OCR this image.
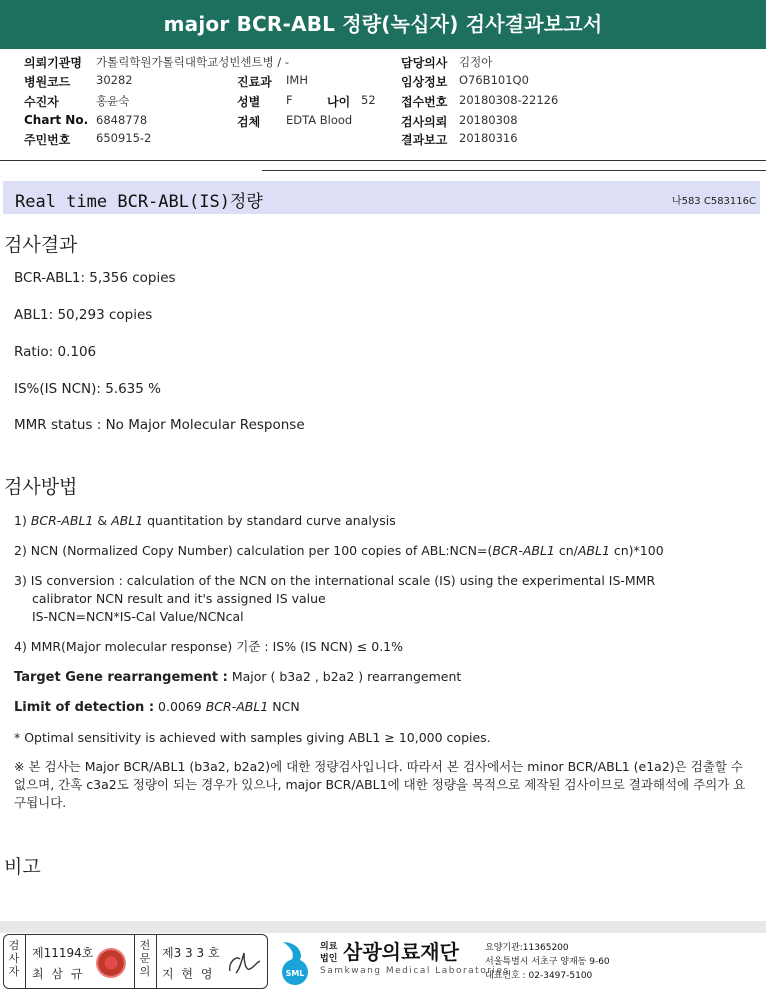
major BCR-ABL 정량(녹십자) 검사결과보고서
의뢰기관명 가톨릭학원가톨릭대학교성빈센트병 / -	담당의사 김정아
병원코드 30282	진료과 IMH	임상정보 O76B101Q0
수진자	홍윤숙	성별 F	나이 52 접수번호 20180308-22126
Chart No. 6848778	검체 EDTA Blood	검사의뢰 20180308
주민번호 650915-2	결과보고 20180316
Real time BCR-ABL(IS)정량	나583 C583116C
검사결과
BCR-ABL1: 5,356 copies
ABL1: 50,293 copies
Ratio: 0.106
IS%(IS NCN): 5.635 %
MMR status : No Major Molecular Response
검사방법
1) BCR-ABL1 & ABL1 quantitation by standard curve analysis
2) NCN (Normalized Copy Number) calculation per 100 copies of ABL:NCN=(BCR-ABL1 cn/ABL1 cn)*100
3) IS conversion : calculation of the NCN on the international scale (IS) using the experimental IS-MMR
calibrator NCN result and it's assigned IS value
IS-NCN=NCN*IS-Cal Value/NCNcal
4) MMR(Major molecular response) 기준 : IS% (IS NCN) ≤ 0.1%
Target Gene rearrangement : Major ( b3a2 , b2a2 ) rearrangement
Limit of detection : 0.0069 BCR-ABL1 NCN
* Optimal sensitivity is achieved with samples giving ABL1 ≥ 10,000 copies.
※ 본 검사는 Major BCR/ABL1 (b3a2, b2a2)에 대한 정량검사입니다. 따라서 본 검사에서는 minor BCR/ABL1 (e1a2)은 검출할 수 없으며, 간혹 c3a2도 정량이 되는 경우가 있으나, major BCR/ABL1에 대한 정량을 목적으로 제작된 검사이므로 결과해석에 주의가 요구됩니다.
비고
검사자
제11194호
최 삼 규
전문의
제3 3 3 호
지 현 영	SML
의료
법인 삼광의료재단
Samkwang Medical Laboratories
요양기관:11365200
서울특별시 서초구 양재동 9-60
대표번호 : 02-3497-5100
